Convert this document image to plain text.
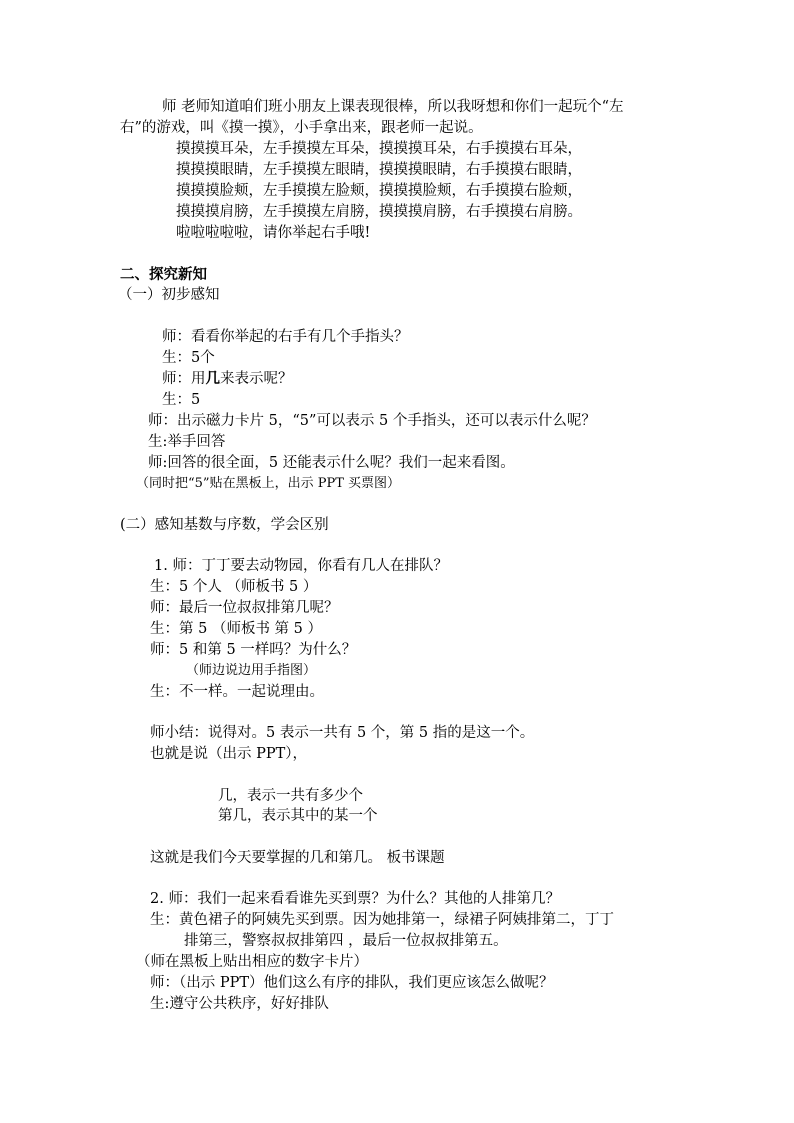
师 老师知道咱们班小朋友上课表现很棒，所以我呀想和你们一起玩个“左

右”的游戏，叫《摸一摸》，小手拿出来，跟老师一起说。

摸摸摸耳朵，左手摸摸左耳朵，摸摸摸耳朵，右手摸摸右耳朵，

摸摸摸眼睛，左手摸摸左眼睛，摸摸摸眼睛，右手摸摸右眼睛，

摸摸摸脸颊，左手摸摸左脸颊，摸摸摸脸颊，右手摸摸右脸颊，

摸摸摸肩膀，左手摸摸左肩膀，摸摸摸肩膀，右手摸摸右肩膀。

啦啦啦啦啦，请你举起右手哦!

二、探究新知

（一）初步感知

师：看看你举起的右手有几个手指头？

生：5个

师：用几来表示呢？

生：5

师：出示磁力卡片 5，“5”可以表示 5 个手指头，还可以表示什么呢？

生:举手回答

师:回答的很全面，5 还能表示什么呢？我们一起来看图。

（同时把“5”贴在黑板上，出示 PPT 买票图）

(二）感知基数与序数，学会区别

1. 师：丁丁要去动物园，你看有几人在排队？

生：5 个人 （师板书 5 ）

师：最后一位叔叔排第几呢？

生：第 5 （师板书 第 5 ）

师：5 和第 5 一样吗？为什么？

（师边说边用手指图）

生：不一样。一起说理由。

师小结：说得对。5 表示一共有 5 个，第 5 指的是这一个。

也就是说（出示 PPT），

几，表示一共有多少个

第几，表示其中的某一个

这就是我们今天要掌握的几和第几。 板书课题

2. 师：我们一起来看看谁先买到票？为什么？其他的人排第几？

生：黄色裙子的阿姨先买到票。因为她排第一，绿裙子阿姨排第二，丁丁

排第三，警察叔叔排第四 ，最后一位叔叔排第五。

（师在黑板上贴出相应的数字卡片）

师：（出示 PPT）他们这么有序的排队，我们更应该怎么做呢？

生:遵守公共秩序，好好排队
